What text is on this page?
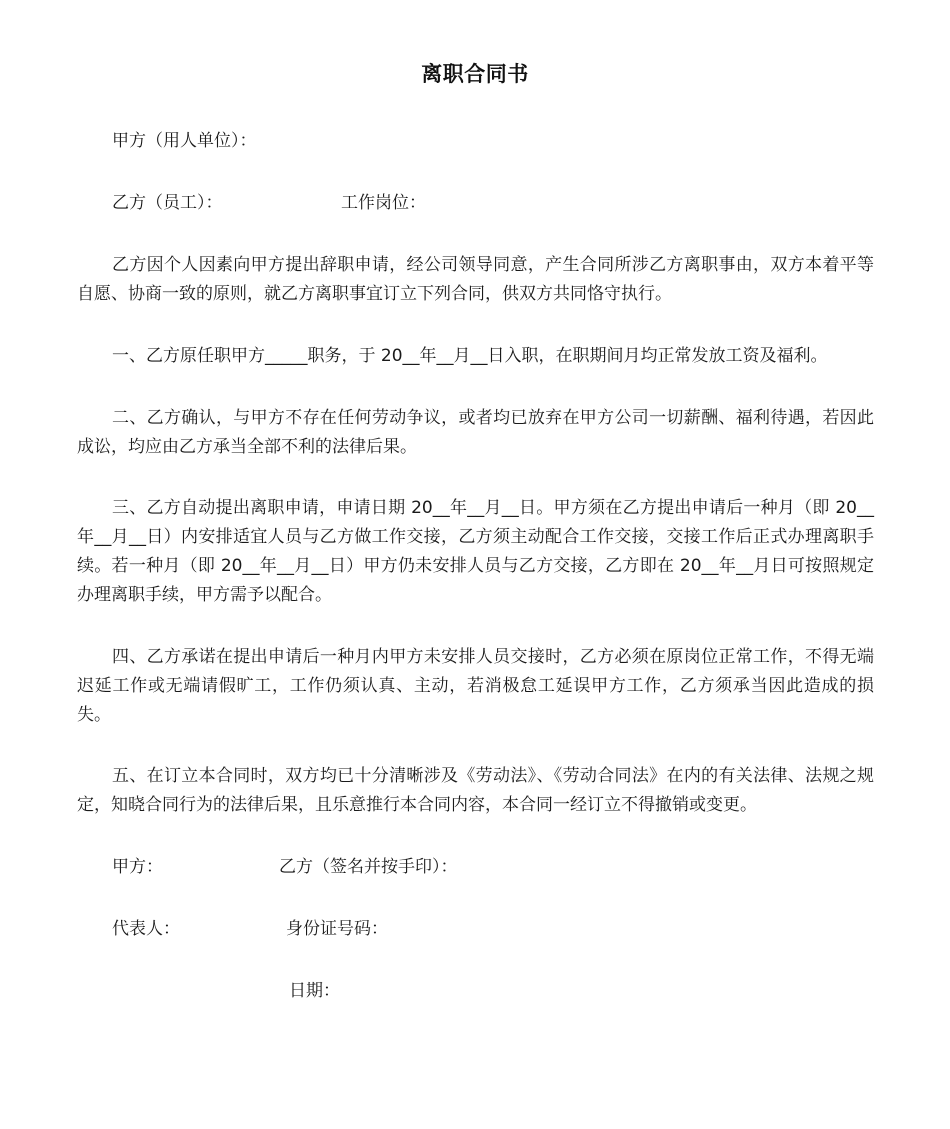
离职合同书
甲方（用人单位）：
乙方（员工）：	工作岗位：
乙方因个人因素向甲方提出辞职申请，经公司领导同意，产生合同所涉乙方离职事由，双方本着平等自愿、协商一致的原则，就乙方离职事宜订立下列合同，供双方共同恪守执行。
一、乙方原任职甲方_____职务，于 20__年__月__日入职，在职期间月均正常发放工资及福利。
二、乙方确认，与甲方不存在任何劳动争议，或者均已放弃在甲方公司一切薪酬、福利待遇，若因此成讼，均应由乙方承当全部不利的法律后果。
三、乙方自动提出离职申请，申请日期 20__年__月__日。甲方须在乙方提出申请后一种月（即 20__年__月__日）内安排适宜人员与乙方做工作交接，乙方须主动配合工作交接，交接工作后正式办理离职手续。若一种月（即 20__年__月__日）甲方仍未安排人员与乙方交接，乙方即在 20__年__月日可按照规定办理离职手续，甲方需予以配合。
四、乙方承诺在提出申请后一种月内甲方未安排人员交接时，乙方必须在原岗位正常工作，不得无端迟延工作或无端请假旷工，工作仍须认真、主动，若消极怠工延误甲方工作，乙方须承当因此造成的损失。
五、在订立本合同时，双方均已十分清晰涉及《劳动法》、《劳动合同法》在内的有关法律、法规之规定，知晓合同行为的法律后果，且乐意推行本合同内容，本合同一经订立不得撤销或变更。
甲方：	乙方（签名并按手印）：
代表人：	身份证号码：
日期：
